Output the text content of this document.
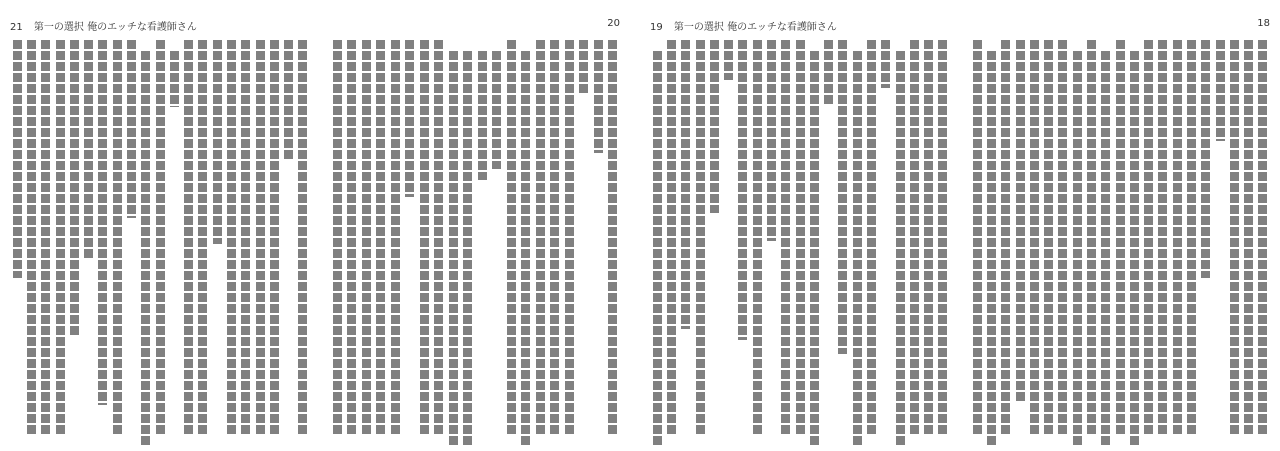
21 第一の選択 俺のエッチな看護師さん	20	19 第一の選択 俺のエッチな看護師さん	18
